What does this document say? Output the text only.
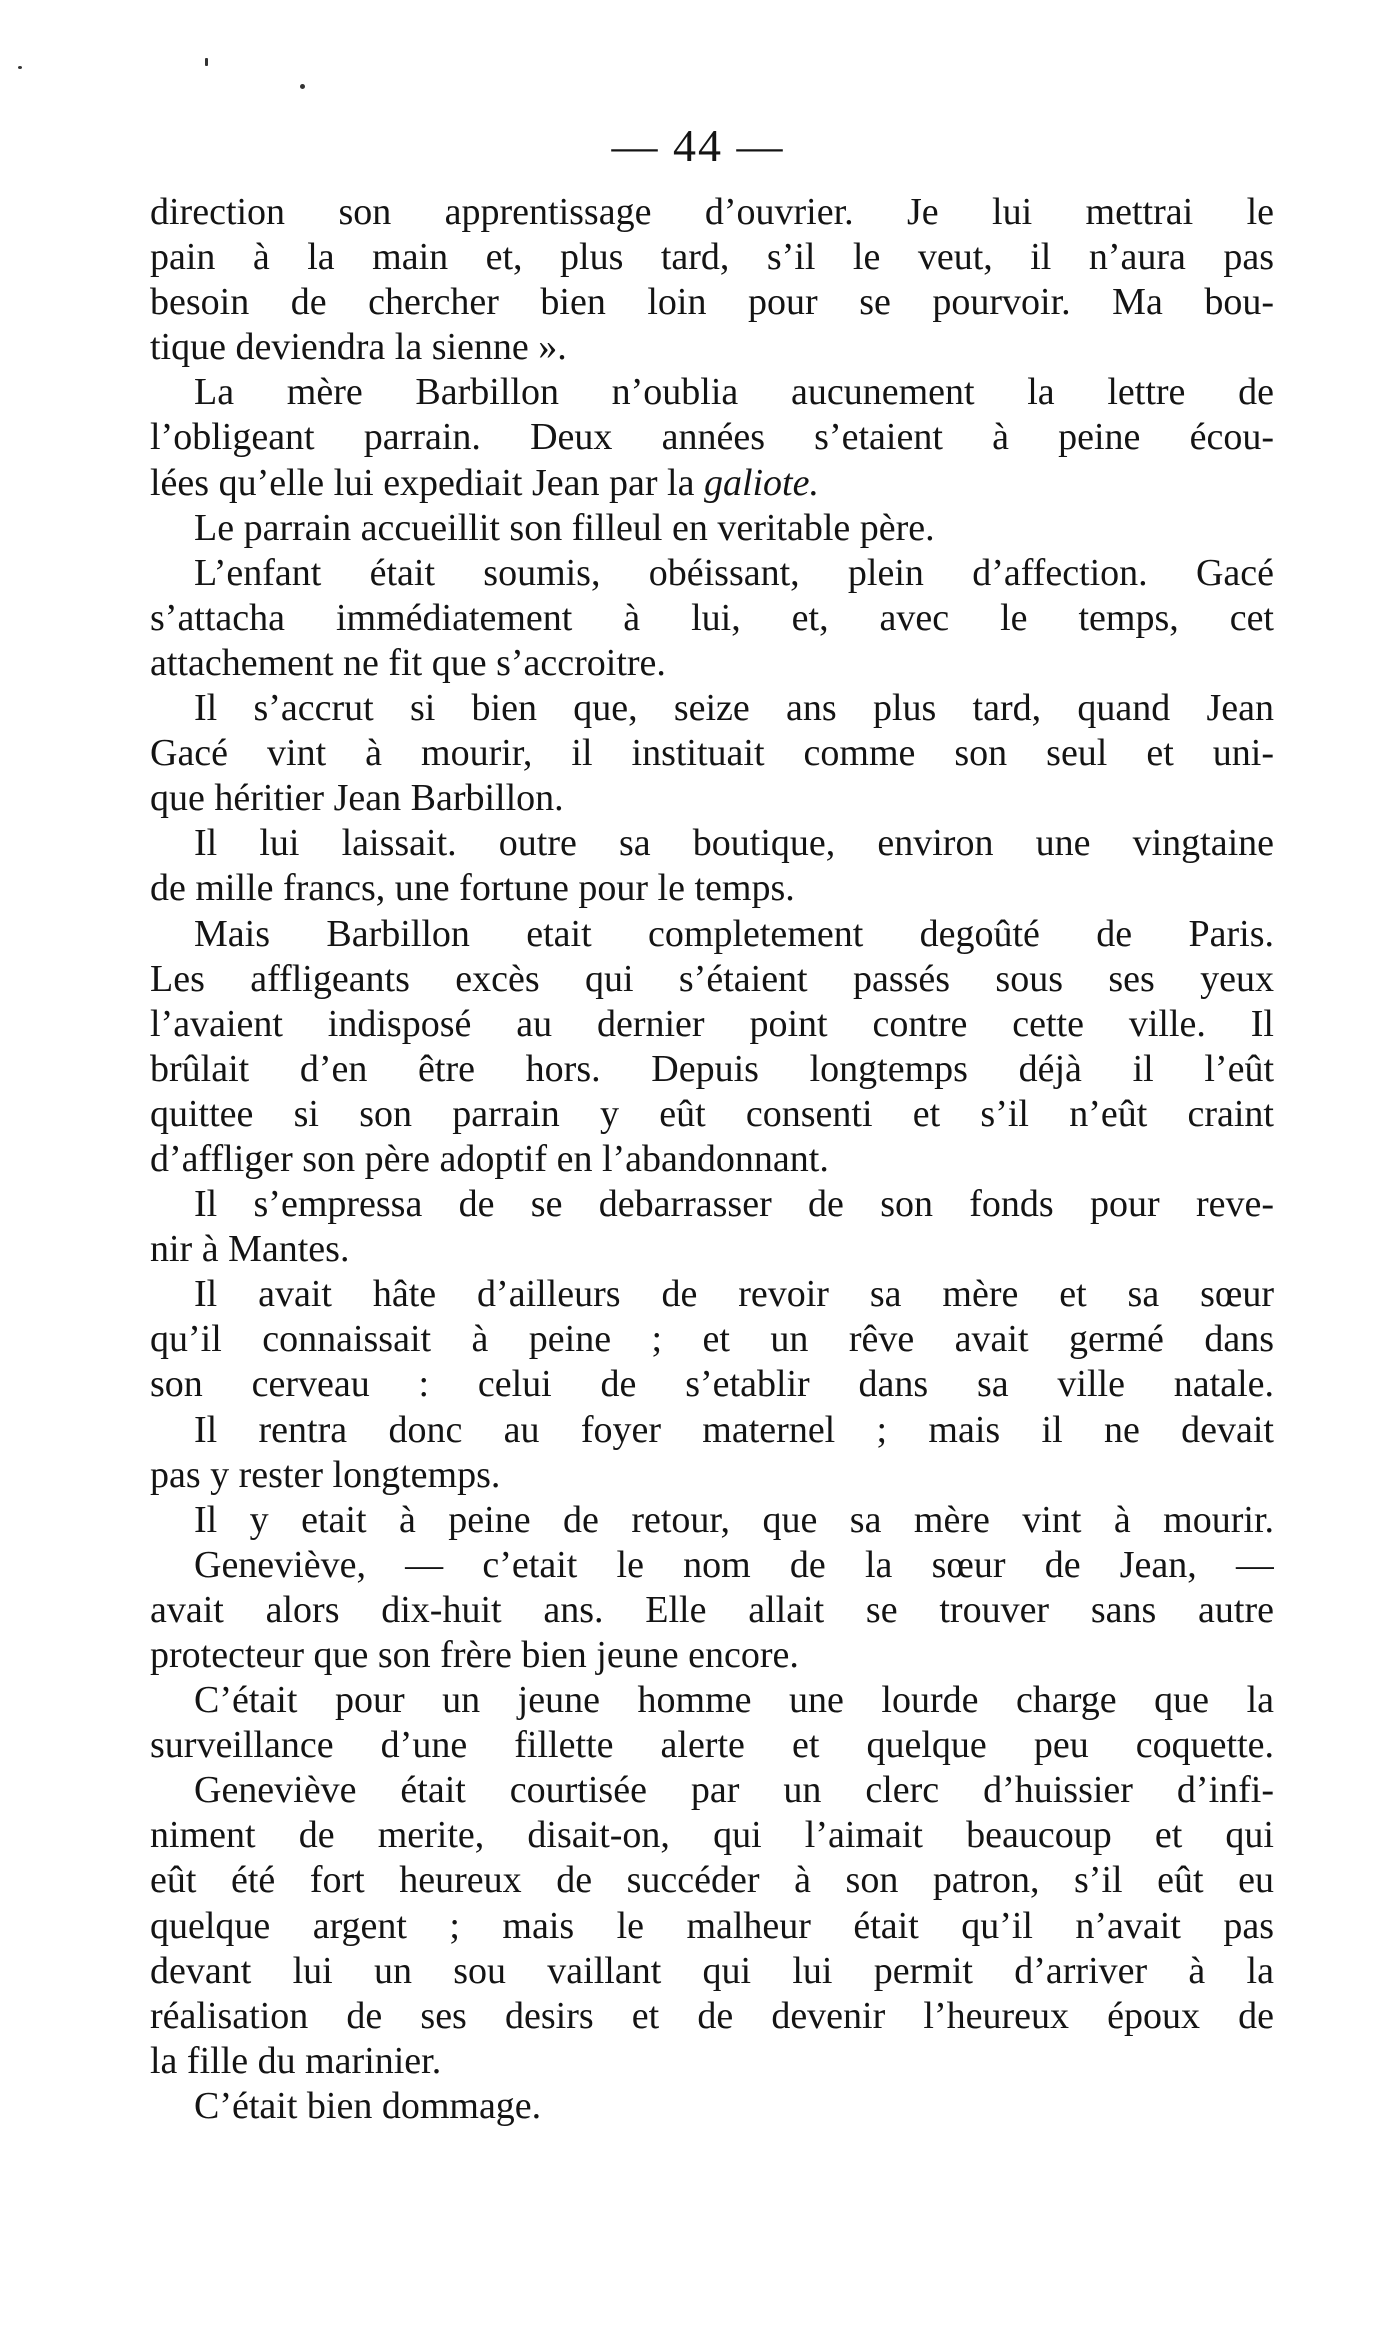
— 44 —

direction son apprentissage d’ouvrier. Je lui mettrai le

pain à la main et, plus tard, s’il le veut, il n’aura pas

besoin de chercher bien loin pour se pourvoir. Ma bou-

tique deviendra la sienne ».

La mère Barbillon n’oublia aucunement la lettre de

l’obligeant parrain. Deux années s’etaient à peine écou-

lées qu’elle lui expediait Jean par la galiote.

Le parrain accueillit son filleul en veritable père.

L’enfant était soumis, obéissant, plein d’affection. Gacé

s’attacha immédiatement à lui, et, avec le temps, cet

attachement ne fit que s’accroitre.

Il s’accrut si bien que, seize ans plus tard, quand Jean

Gacé vint à mourir, il instituait comme son seul et uni-

que héritier Jean Barbillon.

Il lui laissait. outre sa boutique, environ une vingtaine

de mille francs, une fortune pour le temps.

Mais Barbillon etait completement degoûté de Paris.

Les affligeants excès qui s’étaient passés sous ses yeux

l’avaient indisposé au dernier point contre cette ville. Il

brûlait d’en être hors. Depuis longtemps déjà il l’eût

quittee si son parrain y eût consenti et s’il n’eût craint

d’affliger son père adoptif en l’abandonnant.

Il s’empressa de se debarrasser de son fonds pour reve-

nir à Mantes.

Il avait hâte d’ailleurs de revoir sa mère et sa sœur

qu’il connaissait à peine ; et un rêve avait germé dans

son cerveau : celui de s’etablir dans sa ville natale.

Il rentra donc au foyer maternel ; mais il ne devait

pas y rester longtemps.

Il y etait à peine de retour, que sa mère vint à mourir.

Geneviève, — c’etait le nom de la sœur de Jean, —

avait alors dix-huit ans. Elle allait se trouver sans autre

protecteur que son frère bien jeune encore.

C’était pour un jeune homme une lourde charge que la

surveillance d’une fillette alerte et quelque peu coquette.

Geneviève était courtisée par un clerc d’huissier d’infi-

niment de merite, disait-on, qui l’aimait beaucoup et qui

eût été fort heureux de succéder à son patron, s’il eût eu

quelque argent ; mais le malheur était qu’il n’avait pas

devant lui un sou vaillant qui lui permit d’arriver à la

réalisation de ses desirs et de devenir l’heureux époux de

la fille du marinier.

C’était bien dommage.
